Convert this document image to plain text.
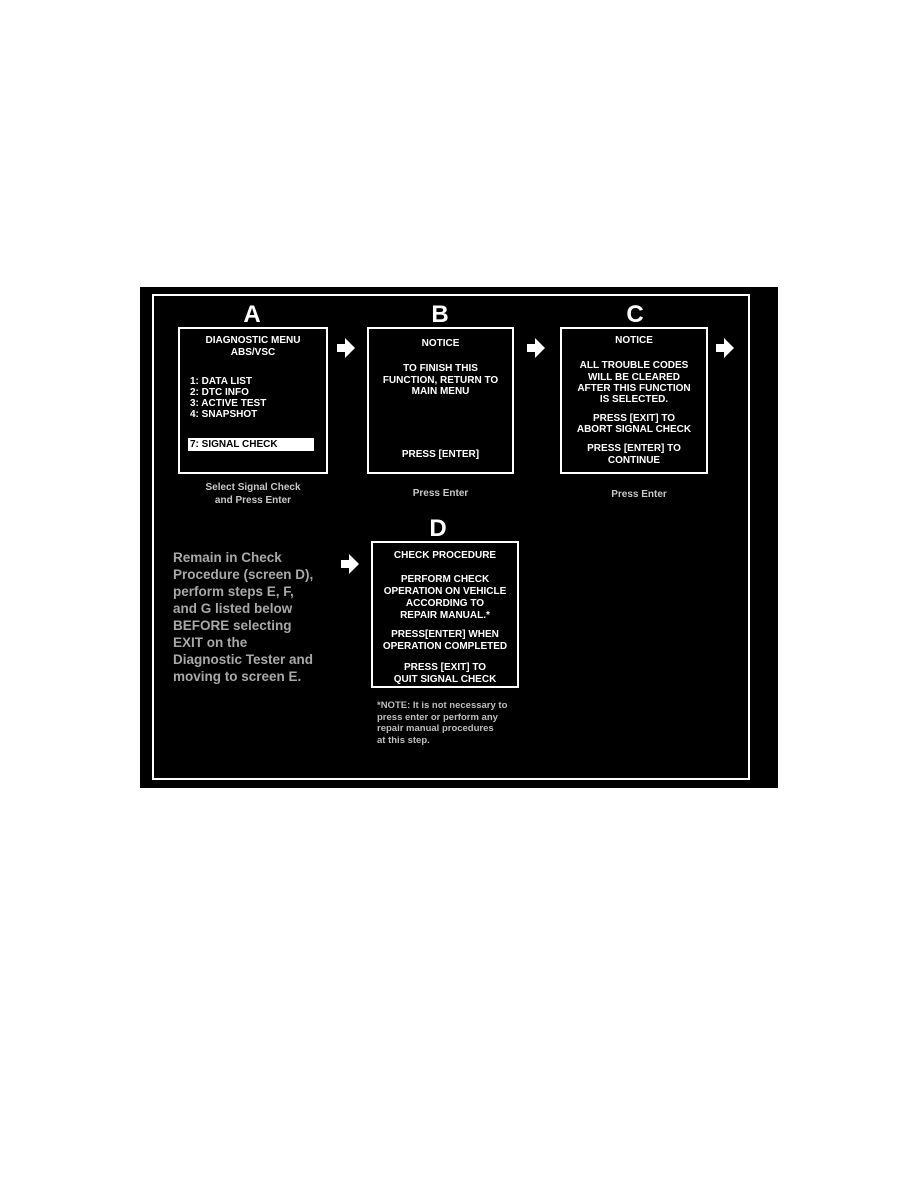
A
DIAGNOSTIC MENU
ABS/VSC
1: DATA LIST
2: DTC INFO
3: ACTIVE TEST
4: SNAPSHOT
7: SIGNAL CHECK
Select Signal Check
and Press Enter
B
NOTICE
TO FINISH THIS
FUNCTION, RETURN TO
MAIN MENU
PRESS [ENTER]
Press Enter
C
NOTICE
ALL TROUBLE CODES
WILL BE CLEARED
AFTER THIS FUNCTION
IS SELECTED.
PRESS [EXIT] TO
ABORT SIGNAL CHECK
PRESS [ENTER] TO
CONTINUE
Press Enter
Remain in Check
Procedure (screen D),
perform steps E, F,
and G listed below
BEFORE selecting
EXIT on the
Diagnostic Tester and
moving to screen E.
D
CHECK PROCEDURE
PERFORM CHECK
OPERATION ON VEHICLE
ACCORDING TO
REPAIR MANUAL.*
PRESS[ENTER] WHEN
OPERATION COMPLETED
PRESS [EXIT] TO
QUIT SIGNAL CHECK
*NOTE: It is not necessary to
press enter or perform any
repair manual procedures
at this step.
